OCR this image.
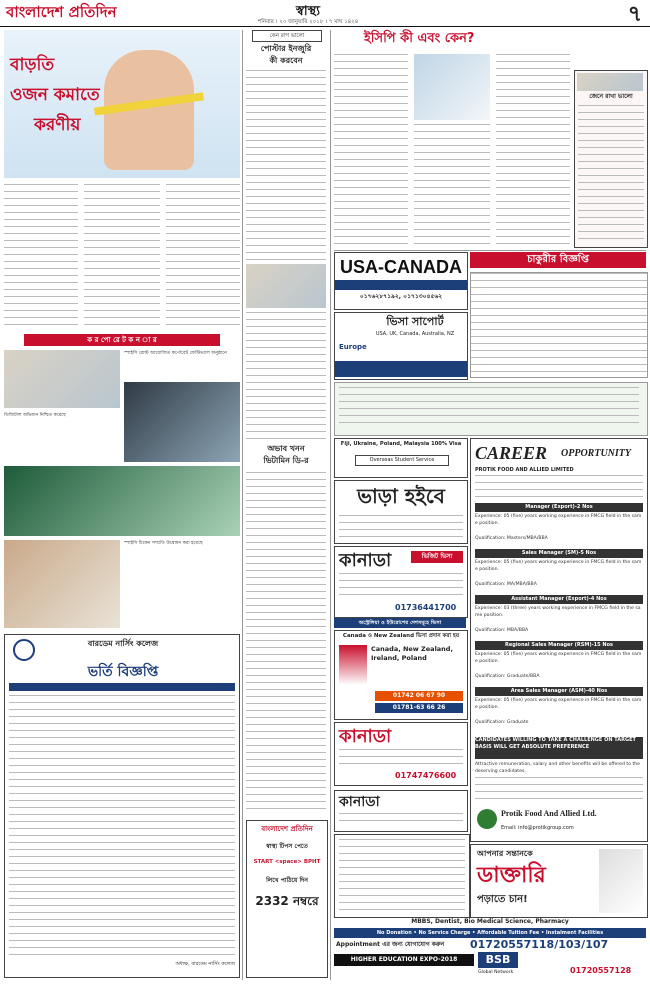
বাংলাদেশ প্রতিদিন	স্বাস্থ্য
শনিবার । ২০ জানুয়ারি ২০১৮ । ৭ মাঘ ১৪২৪	৭
বাড়তি
ওজন কমাতে
করণীয়
ক র পো রে ট ক ন া র
স্পাইসি রোস্ট আয়োজিত কর্পোরেট ফেস্টিভ্যাল অনুষ্ঠানে
ডিজিটাল অভিযান নিশ্চিত করেছে
স্পাইসি চিকেন সম্প্রতি উদ্বোধন করা হয়েছে
বারডেম নার্সিং কলেজ
ভর্তি বিজ্ঞপ্তি
অধ্যক্ষ, বারডেম নার্সিং কলেজ
কেন রাগ ভালো
পোস্টার ইনজুরি
কী করবেন
অভাব খনন
ভিটামিন ডি-র
বাংলাদেশ প্রতিদিন
স্বাস্থ্য টিপস পেতে
START <space> BPHT
লিখে পাঠিয়ে দিন
2332 নম্বরে
ইসিপি কী এবং কেন?
জেনে রাখা ভালো
চাকুরীর বিজ্ঞপ্তি
USA-CANADA
০১৭৬২৮৭১৯২, ০১৭১৩০৪৫৬২
ভিসা সাপোর্ট
USA, UK, Canada, Australia, NZ
Europe
Fiji, Ukraine, Poland, Malaysia 100% Visa
Overseas Student Service
ভাড়া হইবে
কানাডা	ভিজিট ভিসা
01736441700
অস্ট্রেলিয়া ও ইউরোপের দেশসমূহে ভিসা
Canada ও New Zealand ভিসা প্রদান করা হয়
Canada, New Zealand, Ireland, Poland
01742 06 67 90
01781-63 66 26
কানাডা
01747476600
কানাডা
CAREER OPPORTUNITY
PROTIK FOOD AND ALLIED LIMITED
Manager (Export)-2 Nos
Experience: 05 (five) years working experience in FMCG field in the same position.
Qualification: Masters/MBA/BBA
Sales Manager (SM)-5 Nos
Experience: 05 (five) years working experience in FMCG field in the same position.
Qualification: MA/MBA/BBA
Assistant Manager (Export)-4 Nos
Experience: 03 (three) years working experience in FMCG field in the same position.
Qualification: MBA/BBA
Regional Sales Manager (RSM)-15 Nos
Experience: 05 (five) years working experience in FMCG field in the same position.
Qualification: Graduate/BBA
Area Sales Manager (ASM)-40 Nos
Experience: 05 (five) years working experience in FMCG field in the same position.
Qualification: Graduate
CANDIDATES WILLING TO TAKE A CHALLENGE ON TARGET BASIS WILL GET ABSOLUTE PREFERENCE
Attractive remuneration, salary and other benefits will be offered to the deserving candidates.
Protik Food And Allied Ltd.
Email: info@protikgroup.com
আপনার সন্তানকে
ডাক্তারি
পড়াতে চান!
MBBS, Dentist, Bio Medical Science, Pharmacy
No Donation • No Service Charge • Affordable Tuition Fee • Instalment Facilities
Appointment এর জন্য যোগাযোগ করুন 01720557118/103/107
HIGHER EDUCATION EXPO-2018	BSB
Global Network	01720557128
